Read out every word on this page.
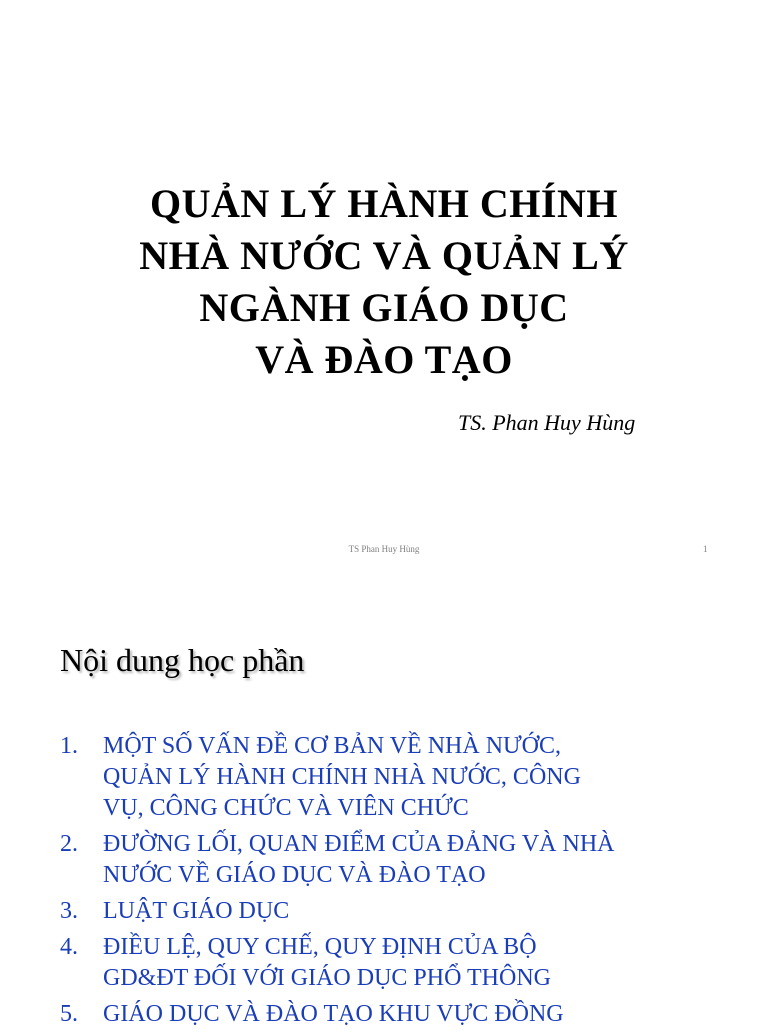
QUẢN LÝ HÀNH CHÍNH
NHÀ NƯỚC VÀ QUẢN LÝ
NGÀNH GIÁO DỤC
VÀ ĐÀO TẠO
TS. Phan Huy Hùng
TS Phan Huy Hùng	1
Nội dung học phần
1.	MỘT SỐ VẤN ĐỀ CƠ BẢN VỀ NHÀ NƯỚC,
QUẢN LÝ HÀNH CHÍNH NHÀ NƯỚC, CÔNG
VỤ, CÔNG CHỨC VÀ VIÊN CHỨC
2.	ĐƯỜNG LỐI, QUAN ĐIỂM CỦA ĐẢNG VÀ NHÀ
NƯỚC VỀ GIÁO DỤC VÀ ĐÀO TẠO
3.	LUẬT GIÁO DỤC
4.	ĐIỀU LỆ, QUY CHẾ, QUY ĐỊNH CỦA BỘ
GD&ĐT ĐỐI VỚI GIÁO DỤC PHỔ THÔNG
5.	GIÁO DỤC VÀ ĐÀO TẠO KHU VỰC ĐỒNG
